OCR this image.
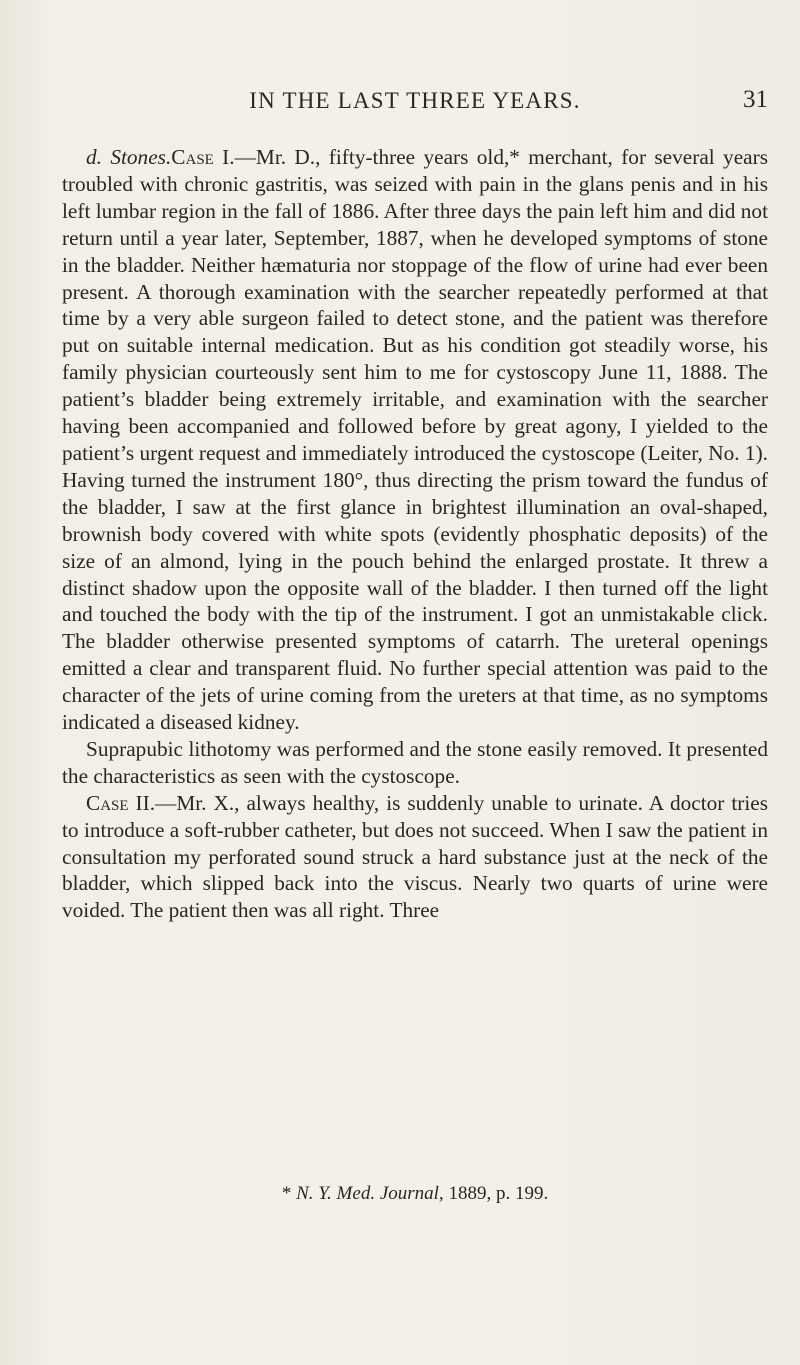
IN THE LAST THREE YEARS.	31

d. Stones.Case I.—Mr. D., fifty-three years old,* merchant, for several years troubled with chronic gastritis, was seized with pain in the glans penis and in his left lumbar region in the fall of 1886. After three days the pain left him and did not return until a year later, September, 1887, when he developed symptoms of stone in the bladder. Neither hæmaturia nor stoppage of the flow of urine had ever been present. A thorough examination with the searcher repeatedly performed at that time by a very able surgeon failed to detect stone, and the patient was therefore put on suitable internal medication. But as his condition got steadily worse, his family physician courteously sent him to me for cystoscopy June 11, 1888. The patient’s bladder being extremely irritable, and examination with the searcher having been accompanied and followed before by great agony, I yielded to the patient’s urgent request and immediately introduced the cystoscope (Leiter, No. 1). Having turned the instrument 180°, thus directing the prism toward the fundus of the bladder, I saw at the first glance in brightest illumination an oval-shaped, brownish body covered with white spots (evidently phosphatic deposits) of the size of an almond, lying in the pouch behind the enlarged prostate. It threw a distinct shadow upon the opposite wall of the bladder. I then turned off the light and touched the body with the tip of the instrument. I got an unmistakable click. The bladder otherwise presented symptoms of catarrh. The ureteral openings emitted a clear and transparent fluid. No further special attention was paid to the character of the jets of urine coming from the ureters at that time, as no symptoms indicated a diseased kidney.

Suprapubic lithotomy was performed and the stone easily removed. It presented the characteristics as seen with the cystoscope.

Case II.—Mr. X., always healthy, is suddenly unable to urinate. A doctor tries to introduce a soft-rubber catheter, but does not succeed. When I saw the patient in consultation my perforated sound struck a hard substance just at the neck of the bladder, which slipped back into the viscus. Nearly two quarts of urine were voided. The patient then was all right. Three

* N. Y. Med. Journal, 1889, p. 199.
